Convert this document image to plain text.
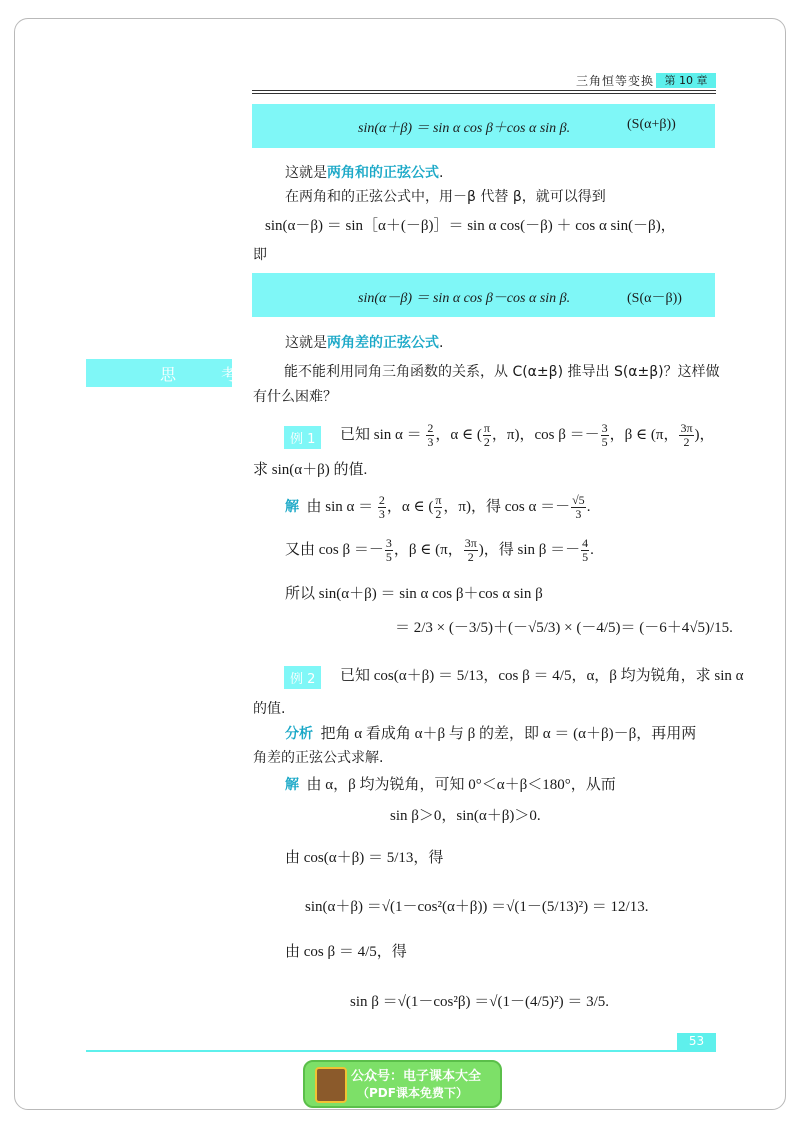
三角恒等变换 第 10 章
sin(α＋β) ＝ sin α cos β＋cos α sin β.	(S(α+β))
这就是两角和的正弦公式.
在两角和的正弦公式中，用－β 代替 β，就可以得到
sin(α－β) ＝ sin［α＋(－β)］＝ sin α cos(－β) ＋ cos α sin(－β)，
即
sin(α－β) ＝ sin α cos β－cos α sin β.	(S(α－β))
这就是两角差的正弦公式.
思 考 能不能利用同角三角函数的关系，从 C(α±β) 推导出 S(α±β)？这样做
有什么困难？
例 1	已知 $\sin \alpha = \frac{2}{3}$ ，α ∈ ( $\frac{\pi}{2}$ ，π)，$\cos \beta =- \frac{3}{5}$ ，β ∈ (π， $\frac{3\pi}{2}$ )，
求 sin(α＋β) 的值.
解 由 $\sin \alpha = \frac{2}{3}$ ，α ∈ ( $\frac{\pi}{2}$ ，π)，得 $\cos \alpha =- \frac{√5}{3}$ .
又由 $\cos \beta =- \frac{3}{5}$ ，β ∈ (π， $\frac{3\pi}{2}$ )，得 $\sin \beta =- \frac{4}{5}$ .
所以 sin(α＋β) ＝ sin α cos β＋cos α sin β
＝ 2/3 × (－3/5)＋(－√5/3) × (－4/5)＝ (－6＋4√5)/15.
例 2	已知 cos(α＋β) ＝ 5/13，cos β ＝ 4/5，α，β 均为锐角，求 sin α
的值.
分析 把角 α 看成角 α＋β 与 β 的差，即 α ＝ (α＋β)－β，再用两
角差的正弦公式求解.
解 由 α，β 均为锐角，可知 0°＜α＋β＜180°，从而
sin β＞0，sin(α＋β)＞0.
由 cos(α＋β) ＝ 5/13，得
sin(α＋β) ＝√(1－cos²(α＋β)) ＝√(1－(5/13)²) ＝ 12/13.
由 cos β ＝ 4/5，得
sin β ＝√(1－cos²β) ＝√(1－(4/5)²) ＝ 3/5.
53
公众号：电子课本大全
（PDF课本免费下）
